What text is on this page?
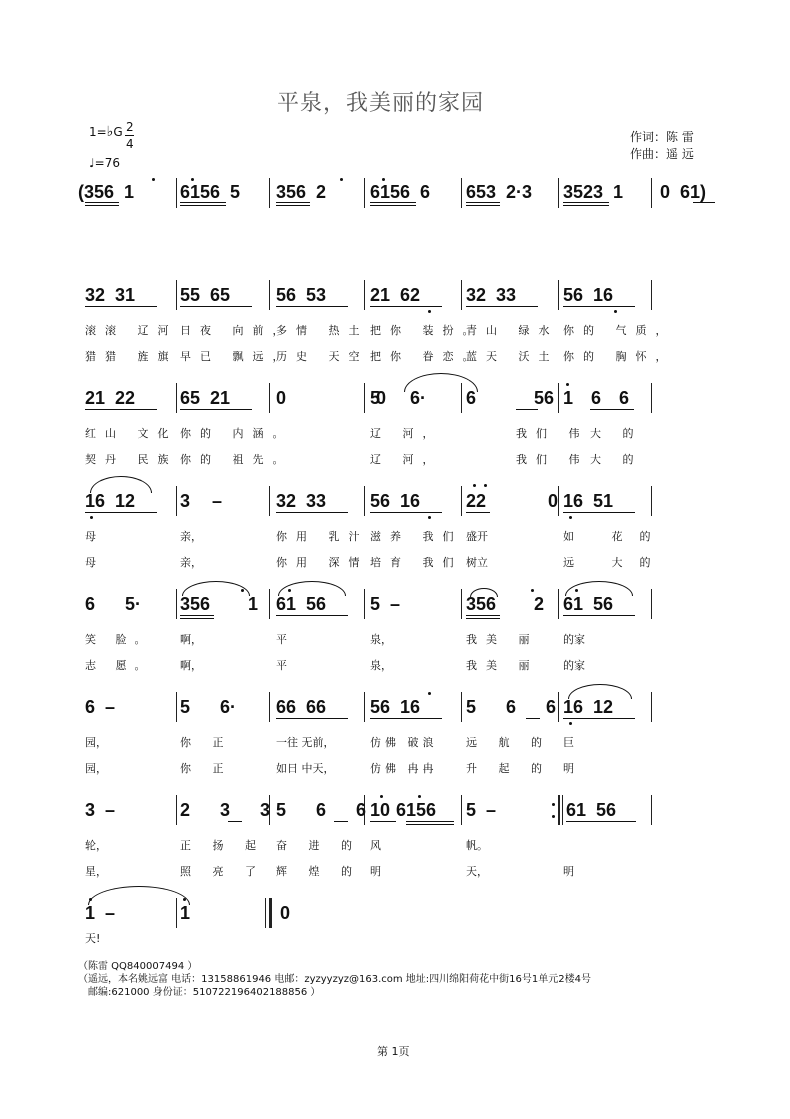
平泉，我美丽的家园
1=♭G 2
4
♩=76
作词：陈 雷
作曲：遥 远
(356  1	6156  5 356  2 6156  6 653  2·3 3523  1 0  61)
32  31 55  65	56  53 21  62	32  33	56  16
滚滚 辽河 日夜 向前，
多情 热土 把你 装扮。
青山 绿水 你的 气质，
猎猎 旌旗 早已 飘远，
历史 天空 把你 眷恋。
蓝天 沃土 你的 胸怀，
21  22 65  21	0  0
5  6· 6  56 1  6  6
红山 文化 你的 内涵。	辽 河，	我们 伟 大 的
契丹 民族 你的 祖先。	辽 河，	我们 伟 大 的
16  12 3  –	32  33 56  16	22  0 16  51
母	亲，	你用 乳汁 滋养 我们 盛开	如 花的
母	亲，	你用 深情 培育 我们 树立	远 大的
6  5· 356  1 61  56 5  –	356  2 61  56
笑 脸。 啊，	平	泉，	我美 丽 的家
志 愿。 啊，	平	泉，	我美 丽 的家
6  –	5  6· 66  66 56  16	5  6  6 16  12
园，	你 正	一往 无前，	仿佛 破浪	远 航 的 巨
园，	你 正	如日 中天，	仿佛 冉冉	升 起 的 明
3  –	2  3  3 5  6  6 10  6156 5  –	61  56
轮，	正 扬 起 奋 进 的 风	帆。
星，	照 亮 了 辉 煌 的 明	天，	明
1  –	1  0
天!
（陈雷 QQ840007494 ）
（遥远，本名姚远富 电话：13158861946 电邮：zyzyyzyz@163.com 地址:四川绵阳荷花中街16号1单元2楼4号
邮编:621000 身份证：510722196402188856 ）
第 1页
